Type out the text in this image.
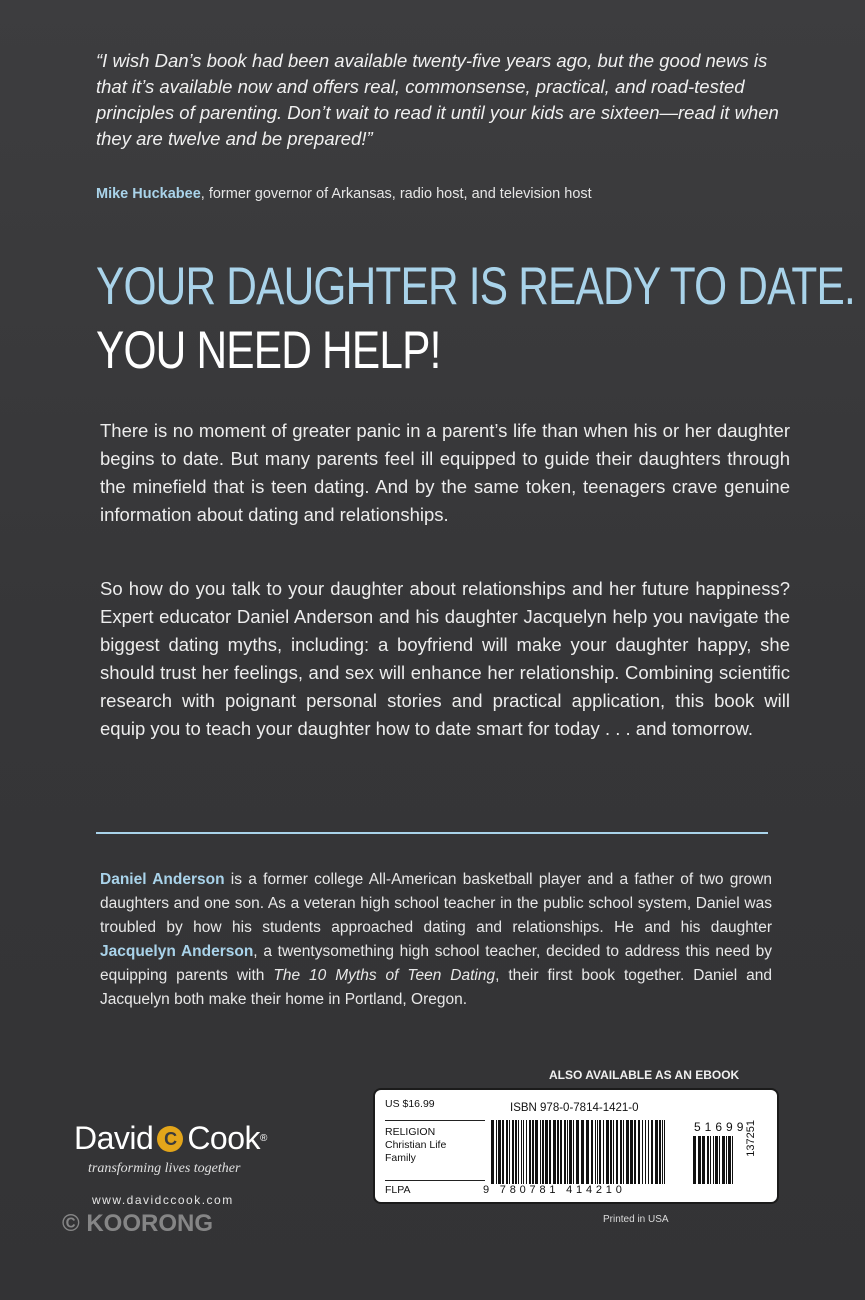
“I wish Dan’s book had been available twenty-five years ago, but the good news is that it’s available now and offers real, commonsense, practical, and road-tested principles of parenting. Don’t wait to read it until your kids are sixteen—read it when they are twelve and be prepared!”

Mike Huckabee, former governor of Arkansas, radio host, and television host
YOUR DAUGHTER IS READY TO DATE.
YOU NEED HELP!

There is no moment of greater panic in a parent’s life than when his or her daughter begins to date. But many parents feel ill equipped to guide their daughters through the minefield that is teen dating. And by the same token, teenagers crave genuine information about dating and relationships.

So how do you talk to your daughter about relationships and her future happiness? Expert educator Daniel Anderson and his daughter Jacquelyn help you navigate the biggest dating myths, including: a boyfriend will make your daughter happy, she should trust her feelings, and sex will enhance her relationship. Combining scientific research with poignant personal stories and practical application, this book will equip you to teach your daughter how to date smart for today . . . and tomorrow.

Daniel Anderson is a former college All-American basketball player and a father of two grown daughters and one son. As a veteran high school teacher in the public school system, Daniel was troubled by how his students approached dating and relationships. He and his daughter Jacquelyn Anderson, a twentysomething high school teacher, decided to address this need by equipping parents with The 10 Myths of Teen Dating, their first book together. Daniel and Jacquelyn both make their home in Portland, Oregon.

ALSO AVAILABLE AS AN EBOOK
David C Cook ®
transforming lives together
www.davidccook.com
© KOORONG
US $16.99
RELIGION
Christian Life
Family
FLPA
ISBN 978-0-7814-1421-0
51699
9 780781 414210
137251
Printed in USA
